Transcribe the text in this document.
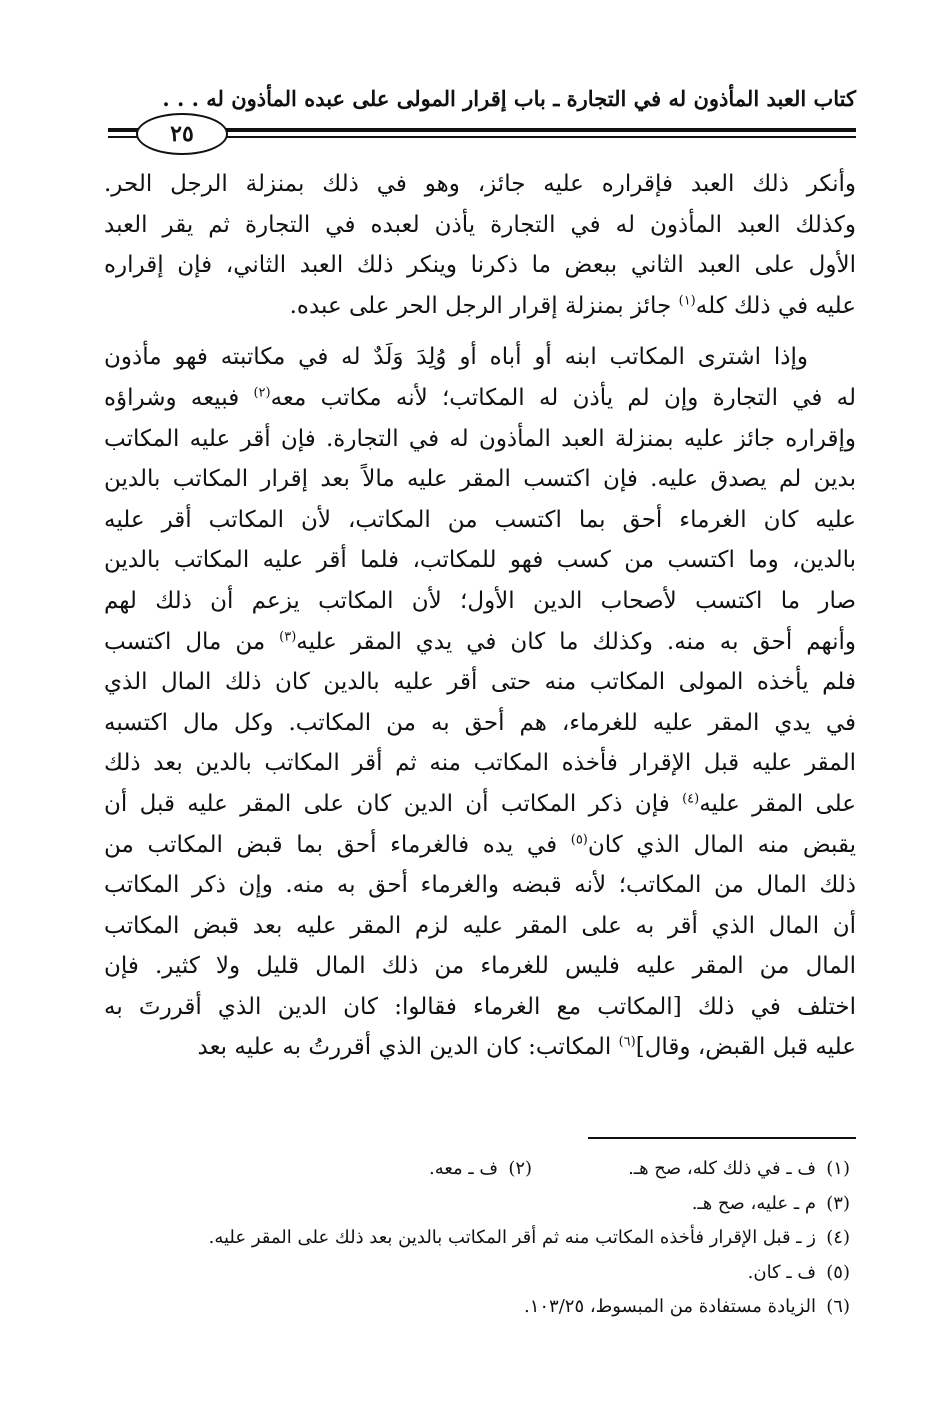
كتاب العبد المأذون له في التجارة ـ باب إقرار المولى على عبده المأذون له . . .
٢٥

وأنكر ذلك العبد فإقراره عليه جائز، وهو في ذلك بمنزلة الرجل الحر.
وكذلك العبد المأذون له في التجارة يأذن لعبده في التجارة ثم يقر العبد
الأول على العبد الثاني ببعض ما ذكرنا وينكر ذلك العبد الثاني، فإن إقراره
عليه في ذلك كله$^{(١)}$ جائز بمنزلة إقرار الرجل الحر على عبده.

وإذا اشترى المكاتب ابنه أو أباه أو وُلِدَ وَلَدٌ له في مكاتبته فهو مأذون
له في التجارة وإن لم يأذن له المكاتب؛ لأنه مكاتب معه$^{(٢)}$ فبيعه وشراؤه
وإقراره جائز عليه بمنزلة العبد المأذون له في التجارة. فإن أقر عليه المكاتب
بدين لم يصدق عليه. فإن اكتسب المقر عليه مالاً بعد إقرار المكاتب بالدين
عليه كان الغرماء أحق بما اكتسب من المكاتب، لأن المكاتب أقر عليه
بالدين، وما اكتسب من كسب فهو للمكاتب، فلما أقر عليه المكاتب بالدين
صار ما اكتسب لأصحاب الدين الأول؛ لأن المكاتب يزعم أن ذلك لهم
وأنهم أحق به منه. وكذلك ما كان في يدي المقر عليه$^{(٣)}$ من مال اكتسب
فلم يأخذه المولى المكاتب منه حتى أقر عليه بالدين كان ذلك المال الذي
في يدي المقر عليه للغرماء، هم أحق به من المكاتب. وكل مال اكتسبه
المقر عليه قبل الإقرار فأخذه المكاتب منه ثم أقر المكاتب بالدين بعد ذلك
على المقر عليه$^{(٤)}$ فإن ذكر المكاتب أن الدين كان على المقر عليه قبل أن
يقبض منه المال الذي كان$^{(٥)}$ في يده فالغرماء أحق بما قبض المكاتب من
ذلك المال من المكاتب؛ لأنه قبضه والغرماء أحق به منه. وإن ذكر المكاتب
أن المال الذي أقر به على المقر عليه لزم المقر عليه بعد قبض المكاتب
المال من المقر عليه فليس للغرماء من ذلك المال قليل ولا كثير. فإن
اختلف في ذلك [المكاتب مع الغرماء فقالوا: كان الدين الذي أقررتَ به
عليه قبل القبض، وقال]$^{(٦)}$ المكاتب: كان الدين الذي أقررتُ به عليه بعد

(١)
ف ـ في ذلك كله، صح هـ.
(٢)
ف ـ معه.
(٣)
م ـ عليه، صح هـ.
(٤)
ز ـ قبل الإقرار فأخذه المكاتب منه ثم أقر المكاتب بالدين بعد ذلك على المقر عليه.
(٥)
ف ـ كان.
(٦)
الزيادة مستفادة من المبسوط، ١٠٣/٢٥.
